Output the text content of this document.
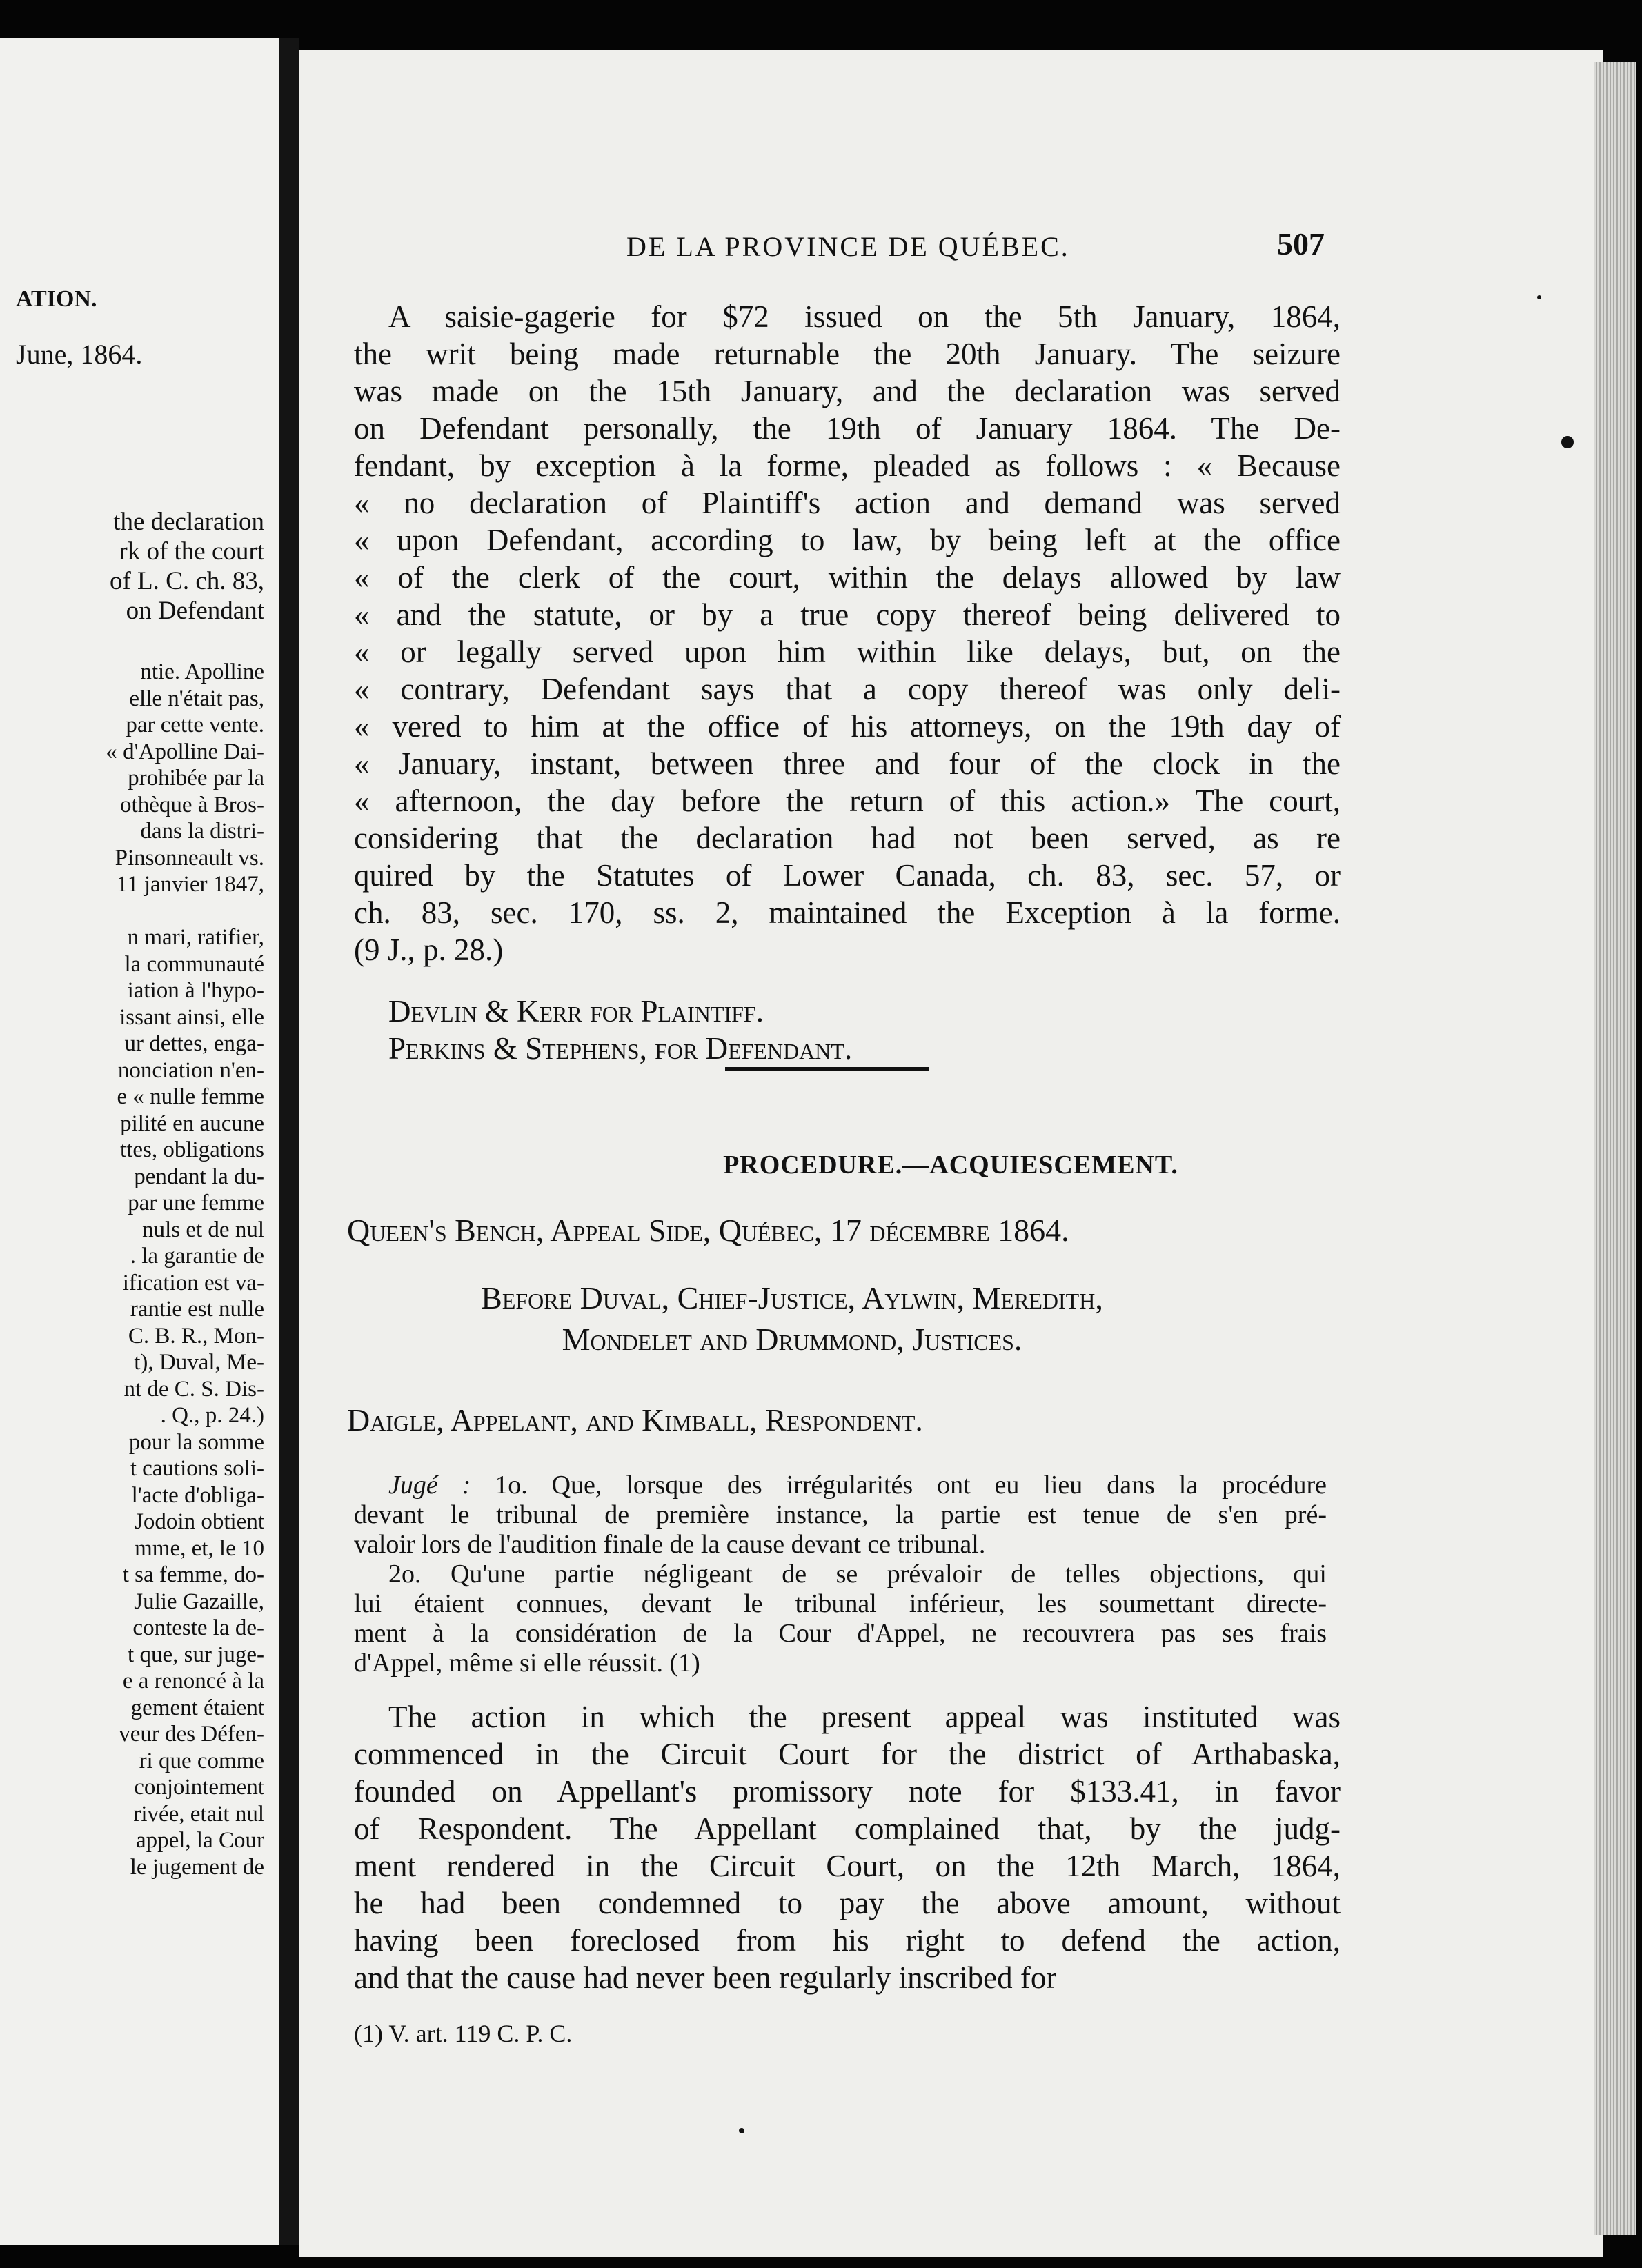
ATION.
June, 1864.
the declaration
rk of the court
of L. C. ch. 83,
on Defendant
ntie. Apolline
elle n'était pas,
par cette vente.
« d'Apolline Dai-
prohibée par la
othèque à Bros-
dans la distri-
Pinsonneault vs.
11 janvier 1847,

n mari, ratifier,
la communauté
iation à l'hypo-
issant ainsi, elle
ur dettes, enga-
nonciation n'en-
e « nulle femme
pilité en aucune
ttes, obligations
pendant la du-
par une femme
nuls et de nul
. la garantie de
ification est va-
rantie est nulle
C. B. R., Mon-
t), Duval, Me-
nt de C. S. Dis-
. Q., p. 24.)
pour la somme
t cautions soli-
l'acte d'obliga-
Jodoin obtient
mme, et, le 10
t sa femme, do-
Julie Gazaille,
conteste la de-
t que, sur juge-
e a renoncé à la
gement étaient
veur des Défen-
ri que comme
conjointement
rivée, etait nul
appel, la Cour
le jugement de
DE LA PROVINCE DE QUÉBEC.	507
A saisie-gagerie for $72 issued on the 5th January, 1864,
the writ being made returnable the 20th January. The seizure
was made on the 15th January, and the declaration was served
on Defendant personally, the 19th of January 1864. The De-
fendant, by exception à la forme, pleaded as follows : « Because
« no declaration of Plaintiff's action and demand was served
« upon Defendant, according to law, by being left at the office
« of the clerk of the court, within the delays allowed by law
« and the statute, or by a true copy thereof being delivered to
« or legally served upon him within like delays, but, on the
« contrary, Defendant says that a copy thereof was only deli-
« vered to him at the office of his attorneys, on the 19th day of
« January, instant, between three and four of the clock in the
« afternoon, the day before the return of this action.» The court,
considering that the declaration had not been served, as re
quired by the Statutes of Lower Canada, ch. 83, sec. 57, or
ch. 83, sec. 170, ss. 2, maintained the Exception à la forme.
(9 J., p. 28.)
Devlin & Kerr for Plaintiff.
Perkins & Stephens, for Defendant.
PROCEDURE.—ACQUIESCEMENT.
Queen's Bench, Appeal Side, Québec, 17 décembre 1864.
Before Duval, Chief-Justice, Aylwin, Meredith,
Mondelet and Drummond, Justices.
Daigle, Appelant, and Kimball, Respondent.
Jugé : 1o. Que, lorsque des irrégularités ont eu lieu dans la procédure
devant le tribunal de première instance, la partie est tenue de s'en pré-
valoir lors de l'audition finale de la cause devant ce tribunal.
2o. Qu'une partie négligeant de se prévaloir de telles objections, qui
lui étaient connues, devant le tribunal inférieur, les soumettant directe-
ment à la considération de la Cour d'Appel, ne recouvrera pas ses frais
d'Appel, même si elle réussit. (1)
The action in which the present appeal was instituted was
commenced in the Circuit Court for the district of Arthabaska,
founded on Appellant's promissory note for $133.41, in favor
of Respondent. The Appellant complained that, by the judg-
ment rendered in the Circuit Court, on the 12th March, 1864,
he had been condemned to pay the above amount, without
having been foreclosed from his right to defend the action,
and that the cause had never been regularly inscribed for
(1) V. art. 119 C. P. C.
